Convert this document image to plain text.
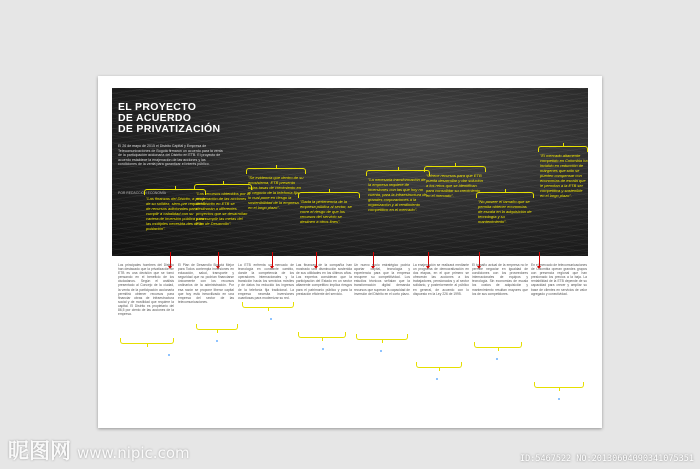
EL PROYECTO
DE ACUERDO
DE PRIVATIZACIÓN
El 26 de mayo de 2015 el Distrito Capital y Empresa de Telecomunicaciones de Bogotá firmaron un acuerdo para la venta de la participación accionaria del Distrito en ETB. El proyecto de acuerdo establece la enajenación de las acciones y las condiciones de la venta para garantizar el interés público.
POR REDACCIÓN ECONOMÍA
"Las finanzas del Distrito, a pesar de su solidez, siem-pre requieren de recursos adicionales para cumplir a cabalidad con su cartera de inversión pública y con las múltiples necesida-des de la población".
"Los recursos obtenidos por la enajenación de las acciones del Distrito en ETB se destinarán a diferentes proyectos que se desarrollan para cumplir las metas del Plan de Desarrollo".
"Se evidencia que dentro de su ecosistema, ETB presenta bajas tasas de crecimiento en el negocio de la telefonía fija, lo cual pone en riesgo la sostenibilidad de la empresa en el largo plazo".
"Dada la pertenencia de la empresa pública al sector, se corre el riesgo de que los recursos del servicio se destinen a otros fines".
"La necesaria transformación de la empresa requiere de inversiones con las que hoy no cuenta, para la infraestructura de grandes corporaciones a la organización y al rendimiento competitivo en el mercado".
"Ofrece recursos para que ETB pueda desarrollar y dar solución a los retos que se identifican para consolidar su crecimiento en el mercado".
"No poseer el tamaño que se permita obtener economías de escala en la adquisición de tecnología y su mantenimiento".
"El mercado altamente competido en Colombia ha incidido en reducción de márgenes que sólo se pueden compensar con economías de escala que le permitan a la ETB ser competitiva y sostenible en el largo plazo".
Los principales hombres del Distrito han destacado que la privatización de ETB es una decisión que se tomó pensando en el beneficio de los ciudadanos. Según el análisis presentado al Concejo de la ciudad, la venta de la participación accionaria permitirá obtener recursos para financiar obras de infraestructura social y de movilidad que requiere la capital. El Distrito es propietario del 86,5 por ciento de las acciones de la empresa.
El Plan de Desarrollo Bogotá Mejor para Todos contempla inversiones en educación, salud, transporte y seguridad que no podrían financiarse únicamente con los recursos ordinarios de la administración. Por esa razón se propone liberar capital que hoy está inmovilizado en una empresa del sector de las telecomunicaciones.
La ETB enfrenta un mercado de tecnología en constante cambio, donde la competencia de los operadores internacionales y la transición hacia los servicios móviles y de datos ha reducido los ingresos de la telefonía fija tradicional. La empresa necesita inversiones cuantiosas para modernizar su red.
Las finanzas de la compañía han mostrado una disminución sostenida de sus utilidades en los últimos años. Los expertos consideran que la participación del Estado en un sector altamente competitivo implica riesgos para el patrimonio público y para la prestación eficiente del servicio.
Un nuevo socio estratégico podría aportar capital, tecnología y experiencia para que la empresa recupere su competitividad. Los estudios técnicos señalan que la transformación digital demanda recursos que superan la capacidad de inversión del Distrito en el corto plazo.
La enajenación se realizará mediante un programa de democratización en dos etapas, en el que primero se ofrecerán las acciones a los trabajadores, pensionados y al sector solidario, y posteriormente al público en general, de acuerdo con lo dispuesto en la Ley 226 de 1995.
El tamaño actual de la empresa no le permite negociar en igualdad de condiciones con los proveedores internacionales de equipos y tecnología. Sin economías de escala los costos de adquisición y mantenimiento resultan mayores que los de sus competidores.
En el mercado de telecomunicaciones de Colombia operan grandes grupos con presencia regional que han presionado los precios a la baja. La rentabilidad de la ETB depende de su capacidad para crecer y ampliar su base de clientes en servicios de valor agregado y conectividad.
昵图网 www.nipic.com	ID:5467522 NO:20130604090341075351
